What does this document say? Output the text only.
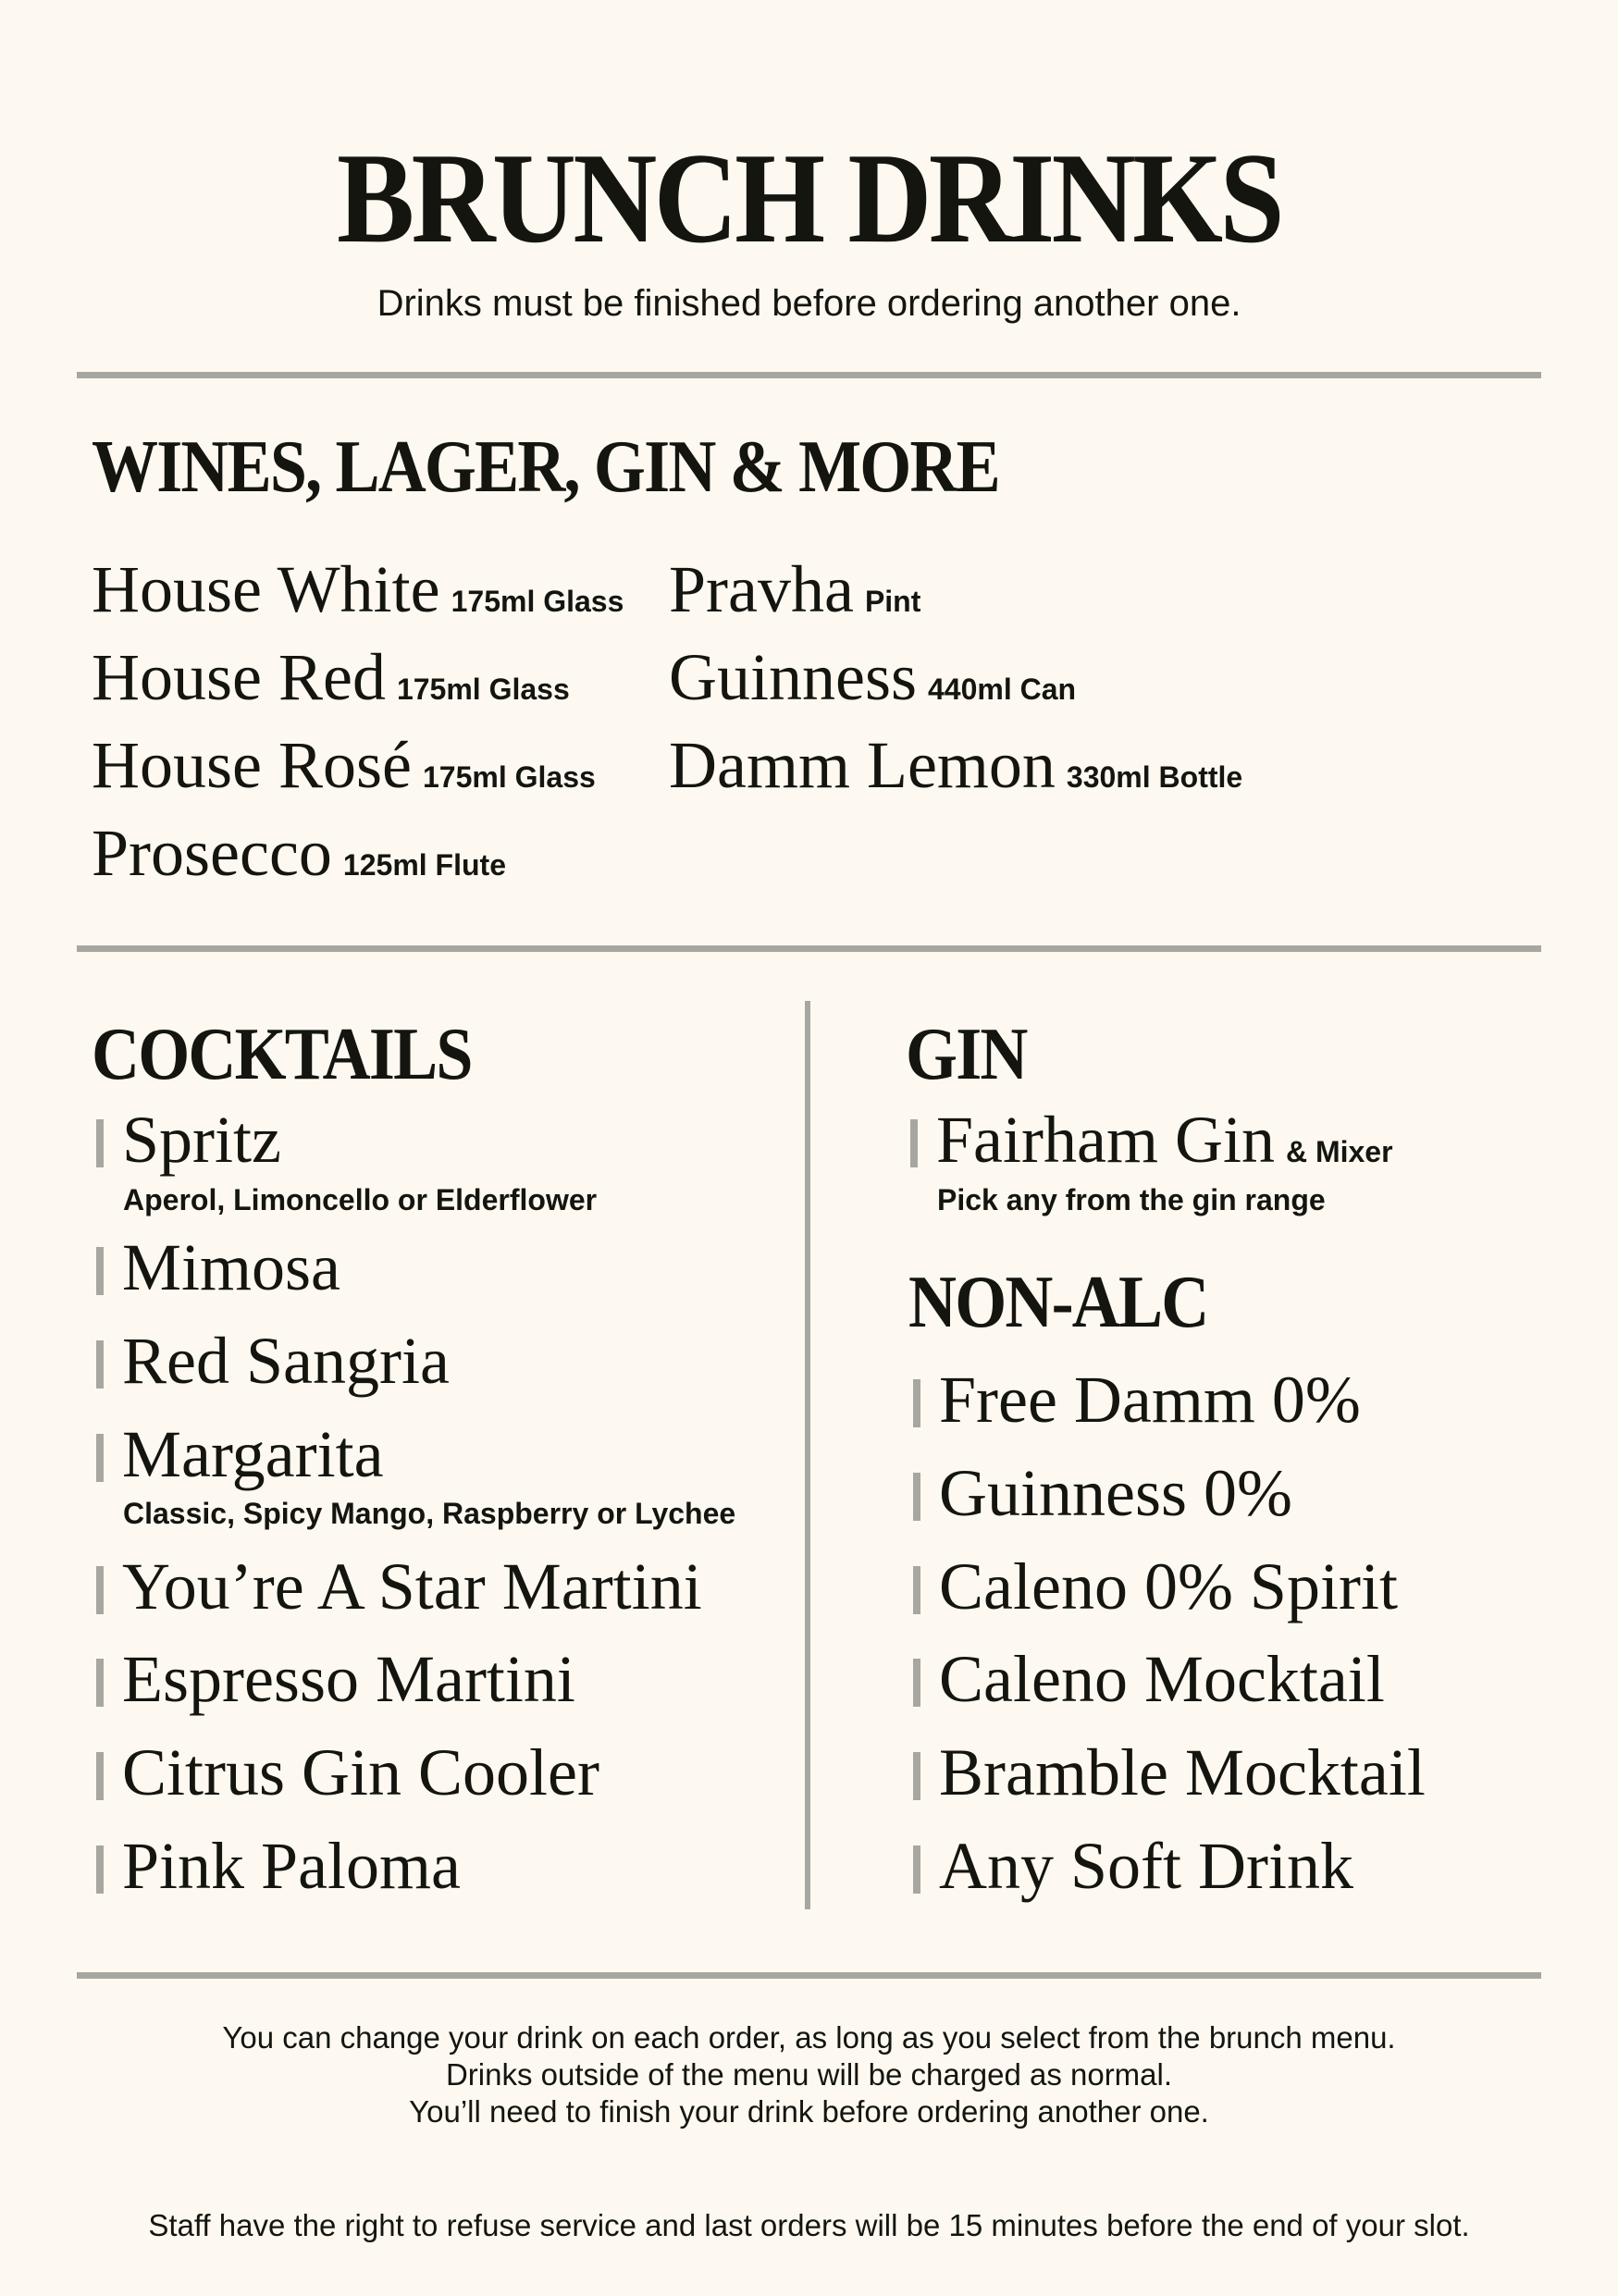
BRUNCH DRINKS
Drinks must be finished before ordering another one.
WINES, LAGER, GIN & MORE
House White 175ml Glass
House Red 175ml Glass
House Rosé 175ml Glass
Prosecco 125ml Flute
Pravha Pint
Guinness 440ml Can
Damm Lemon 330ml Bottle
COCKTAILS
Spritz
Aperol, Limoncello or Elderflower
Mimosa
Red Sangria
Margarita
Classic, Spicy Mango, Raspberry or Lychee
You’re A Star Martini
Espresso Martini
Citrus Gin Cooler
Pink Paloma
GIN
Fairham Gin & Mixer
Pick any from the gin range
NON-ALC
Free Damm 0%
Guinness 0%
Caleno 0% Spirit
Caleno Mocktail
Bramble Mocktail
Any Soft Drink
You can change your drink on each order, as long as you select from the brunch menu.
Drinks outside of the menu will be charged as normal.
You’ll need to finish your drink before ordering another one.
Staff have the right to refuse service and last orders will be 15 minutes before the end of your slot.
